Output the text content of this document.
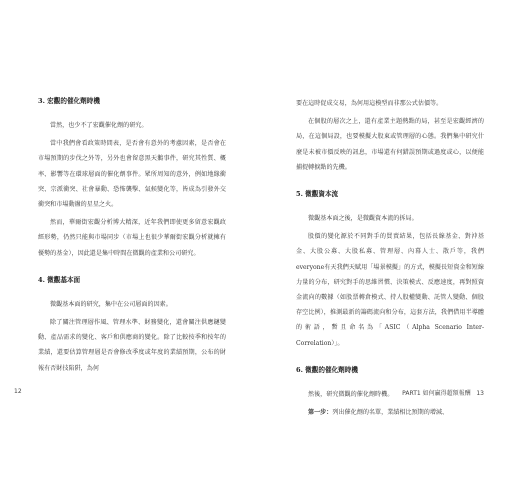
3. 宏觀的催化劑時機

當然，也少不了宏觀催化劑的研究。

當中我們會看政策時間表，是否會有意外的考慮因素，是否會在市場預期的步伐之外等，另外也會留意黑天鵝事件，研究其性質、概率、影響等在環球層面的催化劑事件。眾所周知的意外，例如地緣衝突、宗派衝突、社會暴動、恐怖襲擊、氣候變化等，皆成為引發外交衝突和市場動盪的星星之火。

然而，華爾街宏觀分析博大精深，近年我們即使更多留意宏觀政經形勢，仍然只能與市場同步（市場上也很少華爾街宏觀分析就擁有優勢的基金），因此還是集中時間在微觀的產業和公司研究。

4. 微觀基本面

微觀基本面的研究，集中在公司層面的因素。

除了關注管理層作風、管理水準、財務變化，還會關注供應鏈變動、產品需求的變化、客戶和供應商的變化。除了比較按季和按年的業績，還要估算管理層是否會修改季度或年度的業績預期，公布的財報有否財技陷阱，為何

12

要在這時促成交易，為何用這模型而非那公式估價等。

在個股的層次之上，還有產業主題熱點的局，甚至是宏觀經濟的局，在這個局設，也要模擬大股東或管理層的心態。我們集中研究什麼是未被市價反映的訊息，市場還有何錯誤預期或過度或心，以便能捕捉轉捩點的先機。

5. 微觀資本流

微觀基本面之後，是微觀資本流的拆局。

股價的變化源於不同對手的買賣結果，包括長線基金、對沖基金、大股公募、大股私募、管理層、內幕人士、散戶等，我們everyone有天我們天賦用「場景模擬」的方式，模擬長短資金和短線力量的分布，研究對手的思維習慣、決策模式、反應速度，再對照資金流向的數據（如股票轉倉模式、持人股權變動、託管人變動、個股存空比例），推測最新的籌碼流向和分布，這套方法，我們借用半導體的術語，暫且命名為「ASIC（Alpha Scenario Inter-Correlation）」。

6. 微觀的催化劑時機

然後，研究微觀的催化劑時機。

第一步：列出催化劑的名單，業績相比預期的增減、

PART1 如何贏得超額報酬 13
